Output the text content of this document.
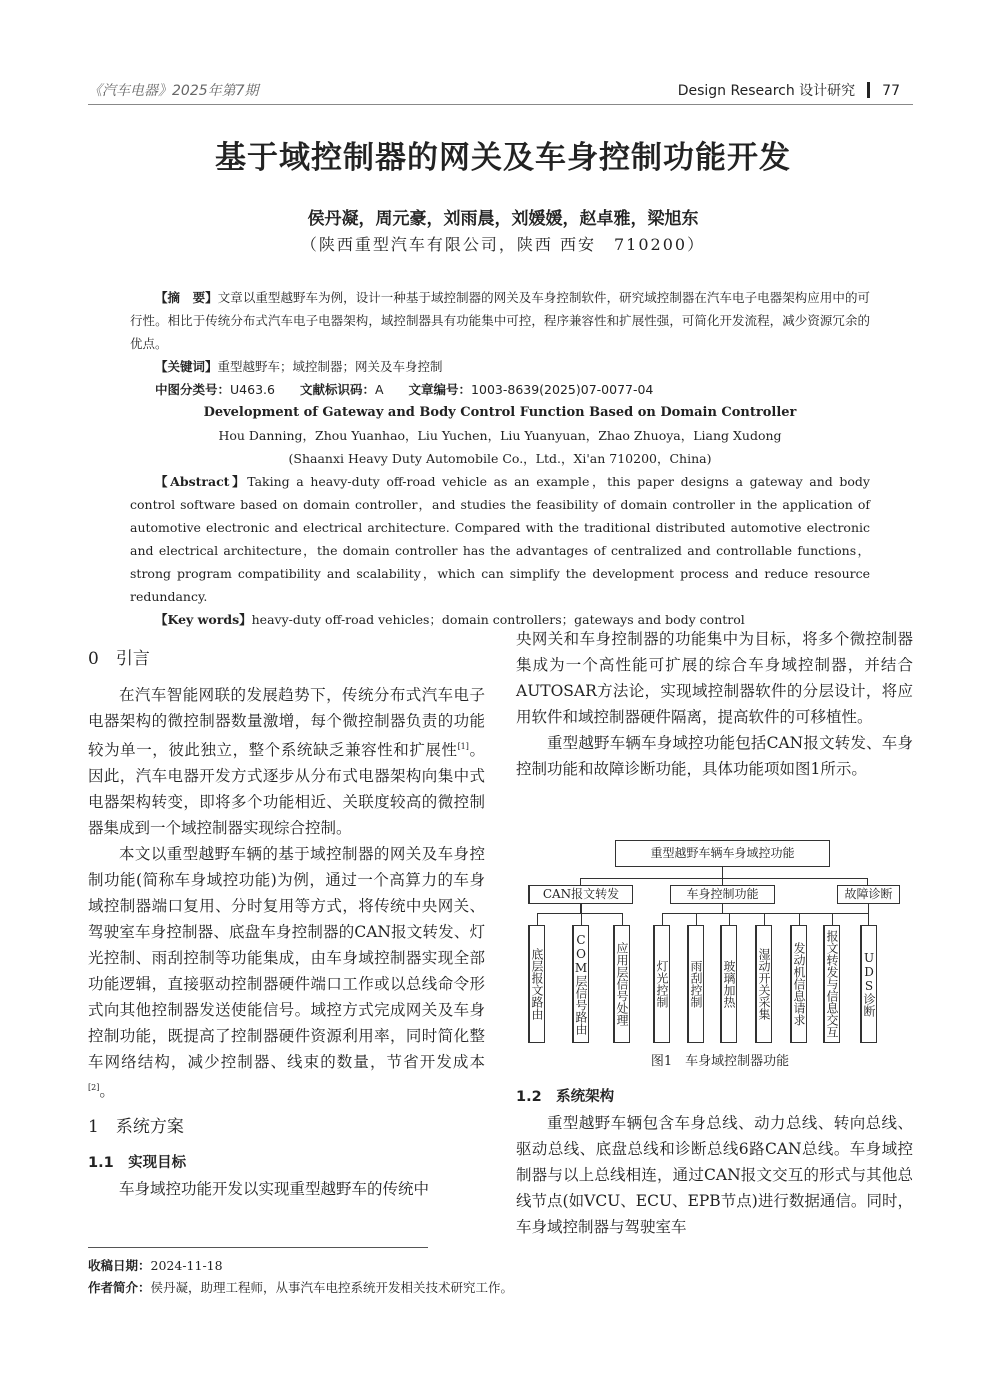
《汽车电器》2025年第7期	Design Research 设计研究 77
基于域控制器的网关及车身控制功能开发
侯丹凝，周元豪，刘雨晨，刘媛媛，赵卓雅，梁旭东
（陕西重型汽车有限公司，陕西 西安　710200）

【摘　要】文章以重型越野车为例，设计一种基于域控制器的网关及车身控制软件，研究域控制器在汽车电子电器架构应用中的可行性。相比于传统分布式汽车电子电器架构，域控制器具有功能集中可控，程序兼容性和扩展性强，可简化开发流程，减少资源冗余的优点。

【关键词】重型越野车；域控制器；网关及车身控制

中图分类号：U463.6   文献标识码：A   文章编号：1003-8639(2025)07-0077-04

Development of Gateway and Body Control Function Based on Domain Controller

Hou Danning，Zhou Yuanhao，Liu Yuchen，Liu Yuanyuan，Zhao Zhuoya，Liang Xudong

(Shaanxi Heavy Duty Automobile Co.，Ltd.，Xi'an 710200，China)

【Abstract】Taking a heavy-duty off-road vehicle as an example，this paper designs a gateway and body control software based on domain controller，and studies the feasibility of domain controller in the application of automotive electronic and electrical architecture. Compared with the traditional distributed automotive electronic and electrical architecture，the domain controller has the advantages of centralized and controllable functions，strong program compatibility and scalability，which can simplify the development process and reduce resource redundancy.

【Key words】heavy-duty off-road vehicles；domain controllers；gateways and body control

0　引言

在汽车智能网联的发展趋势下，传统分布式汽车电子电器架构的微控制器数量激增，每个微控制器负责的功能较为单一，彼此独立，整个系统缺乏兼容性和扩展性[1]。因此，汽车电器开发方式逐步从分布式电器架构向集中式电器架构转变，即将多个功能相近、关联度较高的微控制器集成到一个域控制器实现综合控制。

本文以重型越野车辆的基于域控制器的网关及车身控制功能(简称车身域控功能)为例，通过一个高算力的车身域控制器端口复用、分时复用等方式，将传统中央网关、驾驶室车身控制器、底盘车身控制器的CAN报文转发、灯光控制、雨刮控制等功能集成，由车身域控制器实现全部功能逻辑，直接驱动控制器硬件端口工作或以总线命令形式向其他控制器发送使能信号。域控方式完成网关及车身控制功能，既提高了控制器硬件资源利用率，同时简化整车网络结构，减少控制器、线束的数量，节省开发成本[2]。

1　系统方案

1.1　实现目标

车身域控功能开发以实现重型越野车的传统中

央网关和车身控制器的功能集中为目标，将多个微控制器集成为一个高性能可扩展的综合车身域控制器，并结合AUTOSAR方法论，实现域控制器软件的分层设计，将应用软件和域控制器硬件隔离，提高软件的可移植性。

重型越野车辆车身域控功能包括CAN报文转发、车身控制功能和故障诊断功能，具体功能项如图1所示。

重型越野车辆车身域控功能
CAN报文转发	车身控制功能	故障诊断
底层报文路由	COM层信号路由 应用层信号处理 灯光控制 雨刮控制 玻璃加热 湿动开关采集 发动机信息请求 报文转发与信息交互 UDS诊断
图1　车身域控制器功能

1.2　系统架构

重型越野车辆包含车身总线、动力总线、转向总线、驱动总线、底盘总线和诊断总线6路CAN总线。车身域控制器与以上总线相连，通过CAN报文交互的形式与其他总线节点(如VCU、ECU、EPB节点)进行数据通信。同时，车身域控制器与驾驶室车

收稿日期：2024-11-18
作者简介：侯丹凝，助理工程师，从事汽车电控系统开发相关技术研究工作。
